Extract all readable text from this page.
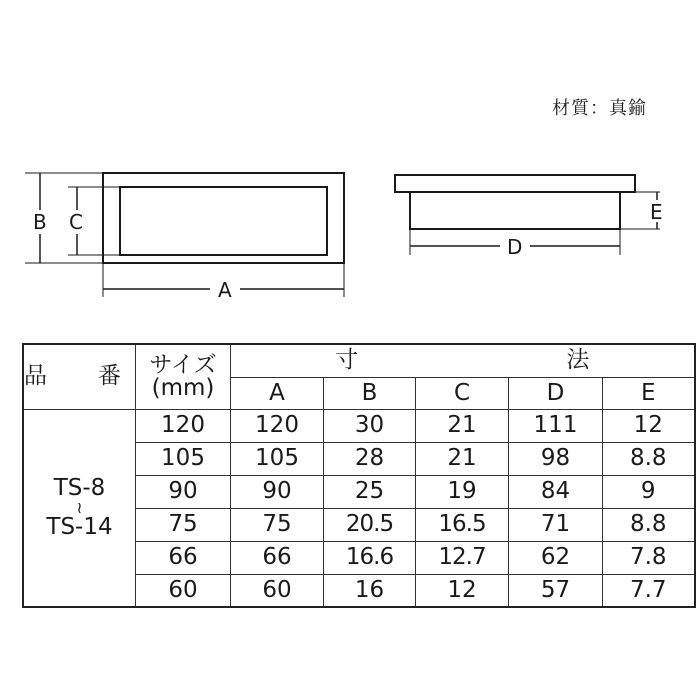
材質：真鍮
B C
A
E
D
品　番	サイズ
(mm)	寸 法				
		A	B	C	D	E
TS-8

≀
TS-14	120	120	30	21	111	12
	105	105	28	21	98	8.8
	90	90	25	19	84	9
	75	75	20.5	16.5	71	8.8
	66	66	16.6	12.7	62	7.8
	60	60	16	12	57	7.7
